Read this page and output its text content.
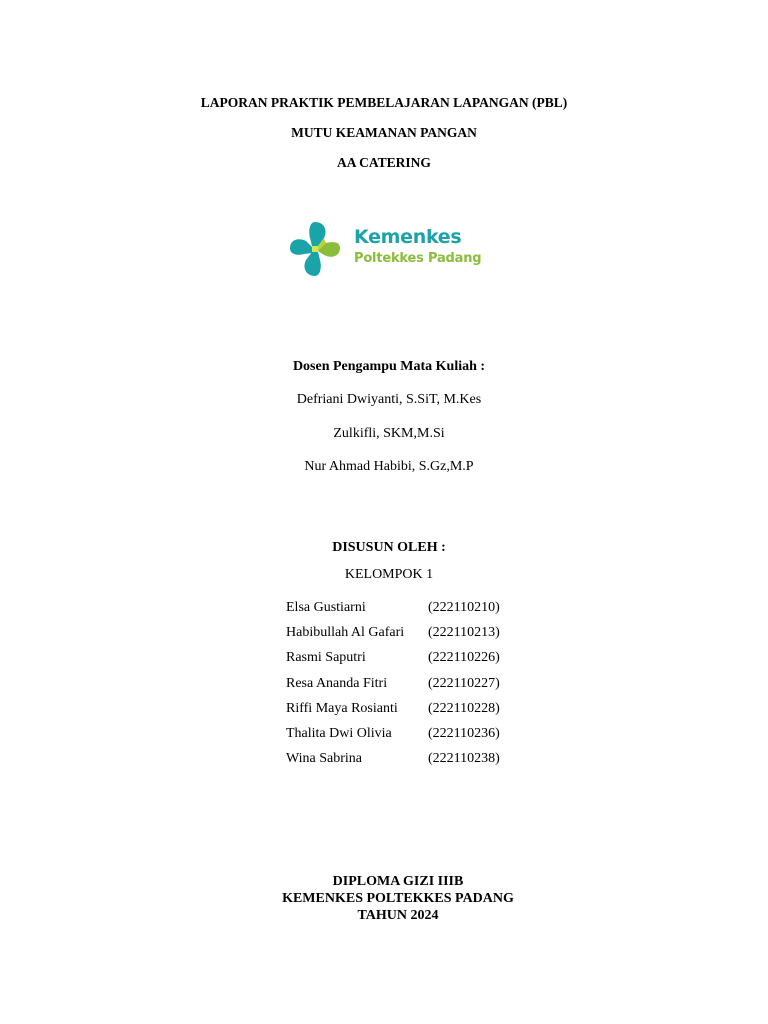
LAPORAN PRAKTIK PEMBELAJARAN LAPANGAN (PBL)
MUTU KEAMANAN PANGAN
AA CATERING
Kemenkes
Poltekkes Padang
Dosen Pengampu Mata Kuliah :
Defriani Dwiyanti, S.SiT, M.Kes
Zulkifli, SKM,M.Si
Nur Ahmad Habibi, S.Gz,M.P
DISUSUN OLEH :
KELOMPOK 1
Elsa Gustiarni	(222110210)
Habibullah Al Gafari	(222110213)
Rasmi Saputri	(222110226)
Resa Ananda Fitri	(222110227)
Riffi Maya Rosianti	(222110228)
Thalita Dwi Olivia	(222110236)
Wina Sabrina	(222110238)
DIPLOMA GIZI IIIB
KEMENKES POLTEKKES PADANG
TAHUN 2024
